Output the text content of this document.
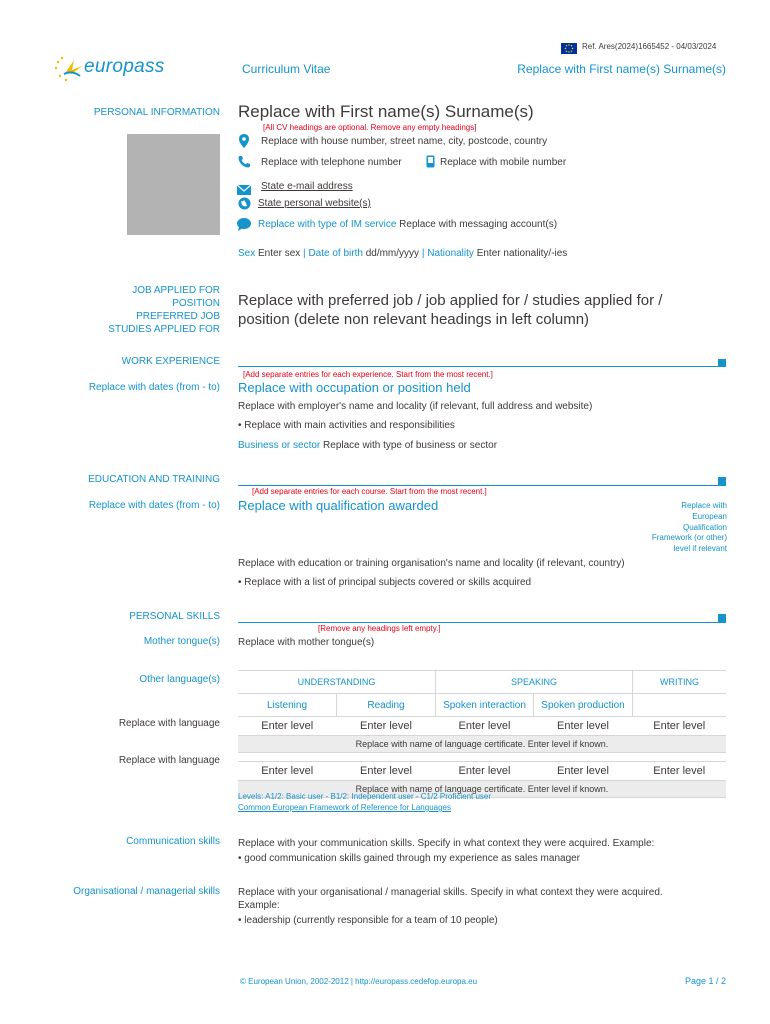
Ref. Ares(2024)1665452 - 04/03/2024
europass	Curriculum Vitae	Replace with First name(s) Surname(s)
PERSONAL INFORMATION Replace with First name(s) Surname(s)
[All CV headings are optional. Remove any empty headings]
Replace with house number, street name, city, postcode, country
Replace with telephone number	Replace with mobile number
State e-mail address
State personal website(s)
Replace with type of IM service Replace with messaging account(s)
Sex Enter sex | Date of birth dd/mm/yyyy | Nationality Enter nationality/-ies
JOB APPLIED FOR
POSITION
PREFERRED JOB
STUDIES APPLIED FOR
Replace with preferred job / job applied for / studies applied for / position (delete non relevant headings in left column)
WORK EXPERIENCE
[Add separate entries for each experience. Start from the most recent.]
Replace with dates (from - to) Replace with occupation or position held
Replace with employer's name and locality (if relevant, full address and website)
• Replace with main activities and responsibilities
Business or sector Replace with type of business or sector
EDUCATION AND TRAINING
[Add separate entries for each course. Start from the most recent.]
Replace with dates (from - to) Replace with qualification awarded	Replace with
European
Qualification
Framework (or other)
level if relevant
Replace with education or training organisation's name and locality (if relevant, country)
• Replace with a list of principal subjects covered or skills acquired
PERSONAL SKILLS
[Remove any headings left empty.]
Mother tongue(s) Replace with mother tongue(s)
Other language(s)	UNDERSTANDING		SPEAKING		WRITING
Listening	Reading	Spoken interaction	Spoken production	
Enter level	Enter level	Enter level	Enter level	Enter level
Replace with name of language certificate. Enter level if known.				

Enter level	Enter level	Enter level	Enter level	Enter level
Replace with name of language certificate. Enter level if known.				
Replace with language
Replace with language
Levels: A1/2: Basic user - B1/2: Independent user - C1/2 Proficient user
Common European Framework of Reference for Languages
Communication skills Replace with your communication skills. Specify in what context they were acquired. Example:
• good communication skills gained through my experience as sales manager
Organisational / managerial skills Replace with your organisational / managerial skills. Specify in what context they were acquired.
Example:
• leadership (currently responsible for a team of 10 people)
© European Union, 2002-2012 | http://europass.cedefop.europa.eu	Page 1 / 2
